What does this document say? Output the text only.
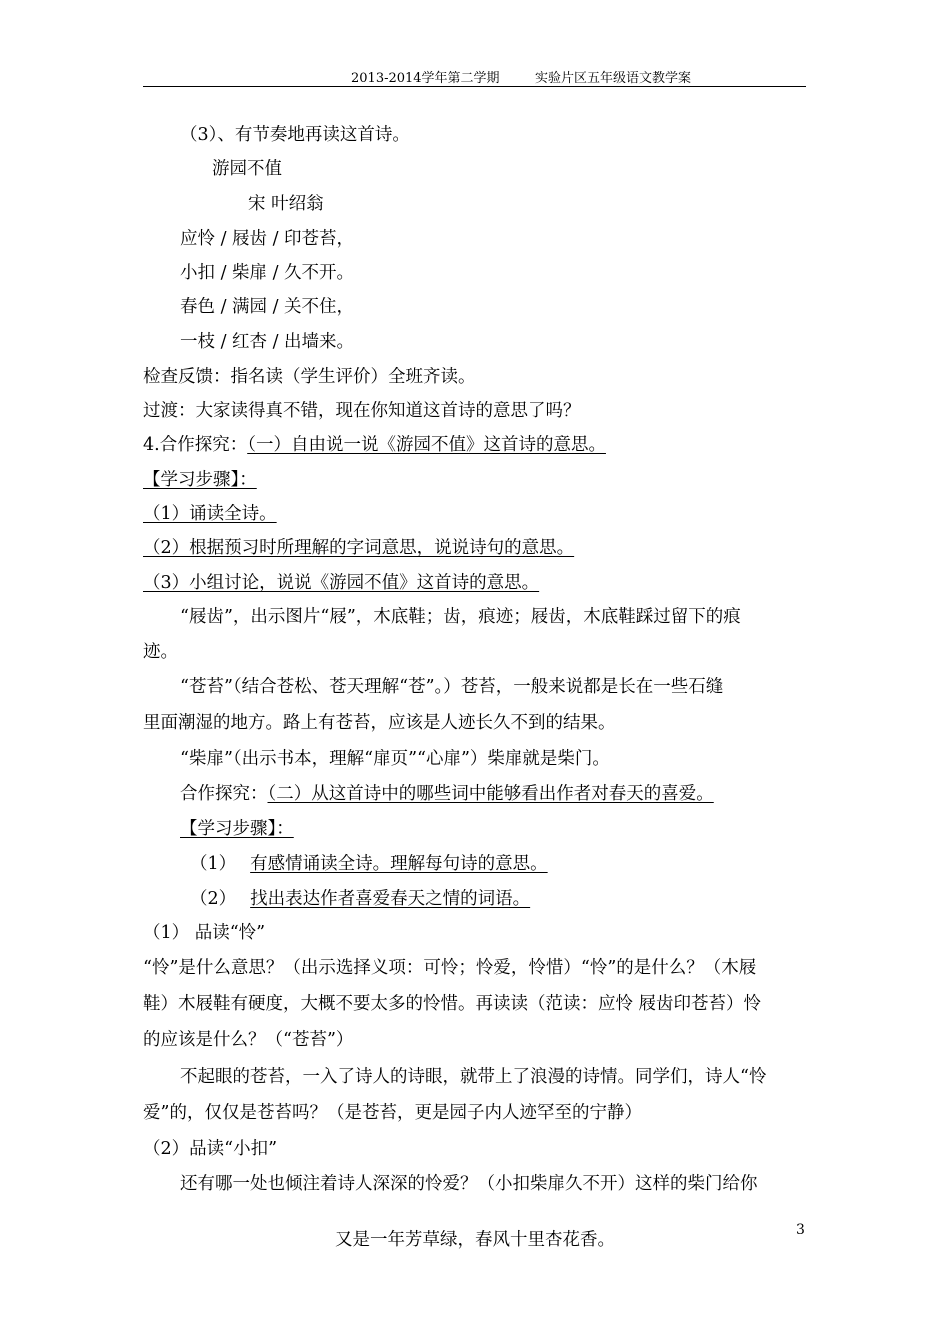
2013-2014学年第二学期	实验片区五年级语文教学案
（3）、有节奏地再读这首诗。
游园不值
宋 叶绍翁
应怜 / 屐齿 / 印苍苔，
小扣 / 柴扉 / 久不开。
春色 / 满园 / 关不住，
一枝 / 红杏 / 出墙来。
检查反馈：指名读（学生评价）全班齐读。
过渡：大家读得真不错，现在你知道这首诗的意思了吗？
4.合作探究：（一）自由说一说《游园不值》这首诗的意思。
【学习步骤】：
（1）诵读全诗。
（2）根据预习时所理解的字词意思，说说诗句的意思。
（3）小组讨论，说说《游园不值》这首诗的意思。
“屐齿”，出示图片“屐”，木底鞋；齿，痕迹；屐齿，木底鞋踩过留下的痕
迹。
“苍苔”（结合苍松、苍天理解“苍”。）苍苔，一般来说都是长在一些石缝
里面潮湿的地方。路上有苍苔，应该是人迹长久不到的结果。
“柴扉”（出示书本，理解“扉页”“心扉”）柴扉就是柴门。
合作探究：（二）从这首诗中的哪些词中能够看出作者对春天的喜爱。
【学习步骤】：
（1） 有感情诵读全诗。理解每句诗的意思。
（2） 找出表达作者喜爱春天之情的词语。
（1） 品读“怜”
“怜”是什么意思？（出示选择义项：可怜；怜爱，怜惜）“怜”的是什么？（木屐
鞋）木屐鞋有硬度，大概不要太多的怜惜。再读读（范读：应怜 屐齿印苍苔）怜
的应该是什么？（“苍苔”）
不起眼的苍苔，一入了诗人的诗眼，就带上了浪漫的诗情。同学们，诗人“怜
爱”的，仅仅是苍苔吗？（是苍苔，更是园子内人迹罕至的宁静）
（2）品读“小扣”
还有哪一处也倾注着诗人深深的怜爱？（小扣柴扉久不开）这样的柴门给你
又是一年芳草绿，春风十里杏花香。	3
